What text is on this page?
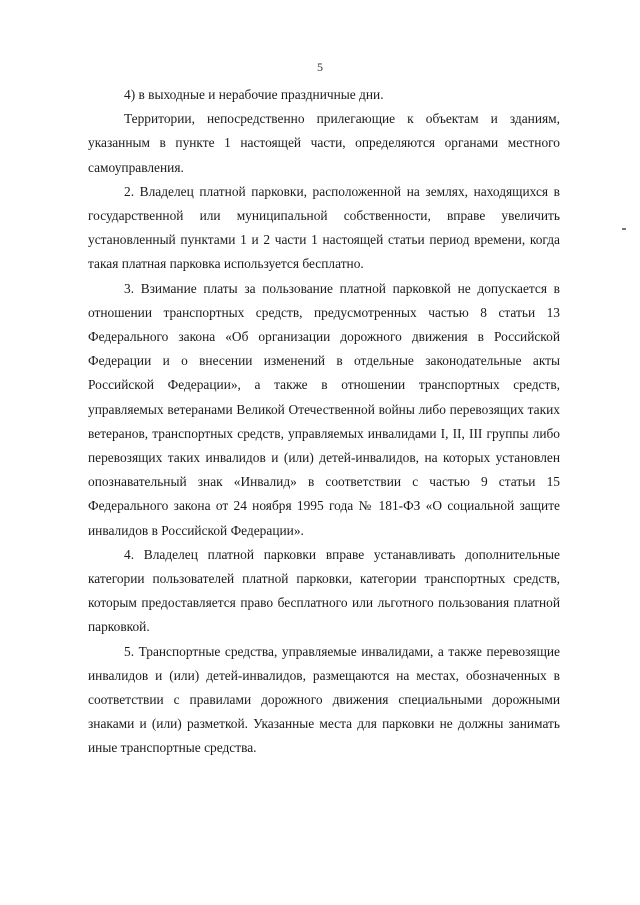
5

4) в выходные и нерабочие праздничные дни.

Территории, непосредственно прилегающие к объектам и зданиям, указанным в пункте 1 настоящей части, определяются органами местного самоуправления.

2. Владелец платной парковки, расположенной на землях, находящихся в государственной или муниципальной собственности, вправе увеличить установленный пунктами 1 и 2 части 1 настоящей статьи период времени, когда такая платная парковка используется бесплатно.

3. Взимание платы за пользование платной парковкой не допускается в отношении транспортных средств, предусмотренных частью 8 статьи 13 Федерального закона «Об организации дорожного движения в Российской Федерации и о внесении изменений в отдельные законодательные акты Российской Федерации», а также в отношении транспортных средств, управляемых ветеранами Великой Отечественной войны либо перевозящих таких ветеранов, транспортных средств, управляемых инвалидами I, II, III группы либо перевозящих таких инвалидов и (или) детей-инвалидов, на которых установлен опознавательный знак «Инвалид» в соответствии с частью 9 статьи 15 Федерального закона от 24 ноября 1995 года № 181-ФЗ «О социальной защите инвалидов в Российской Федерации».

4. Владелец платной парковки вправе устанавливать дополнительные категории пользователей платной парковки, категории транспортных средств, которым предоставляется право бесплатного или льготного пользования платной парковкой.

5. Транспортные средства, управляемые инвалидами, а также перевозящие инвалидов и (или) детей-инвалидов, размещаются на местах, обозначенных в соответствии с правилами дорожного движения специальными дорожными знаками и (или) разметкой. Указанные места для парковки не должны занимать иные транспортные средства.
